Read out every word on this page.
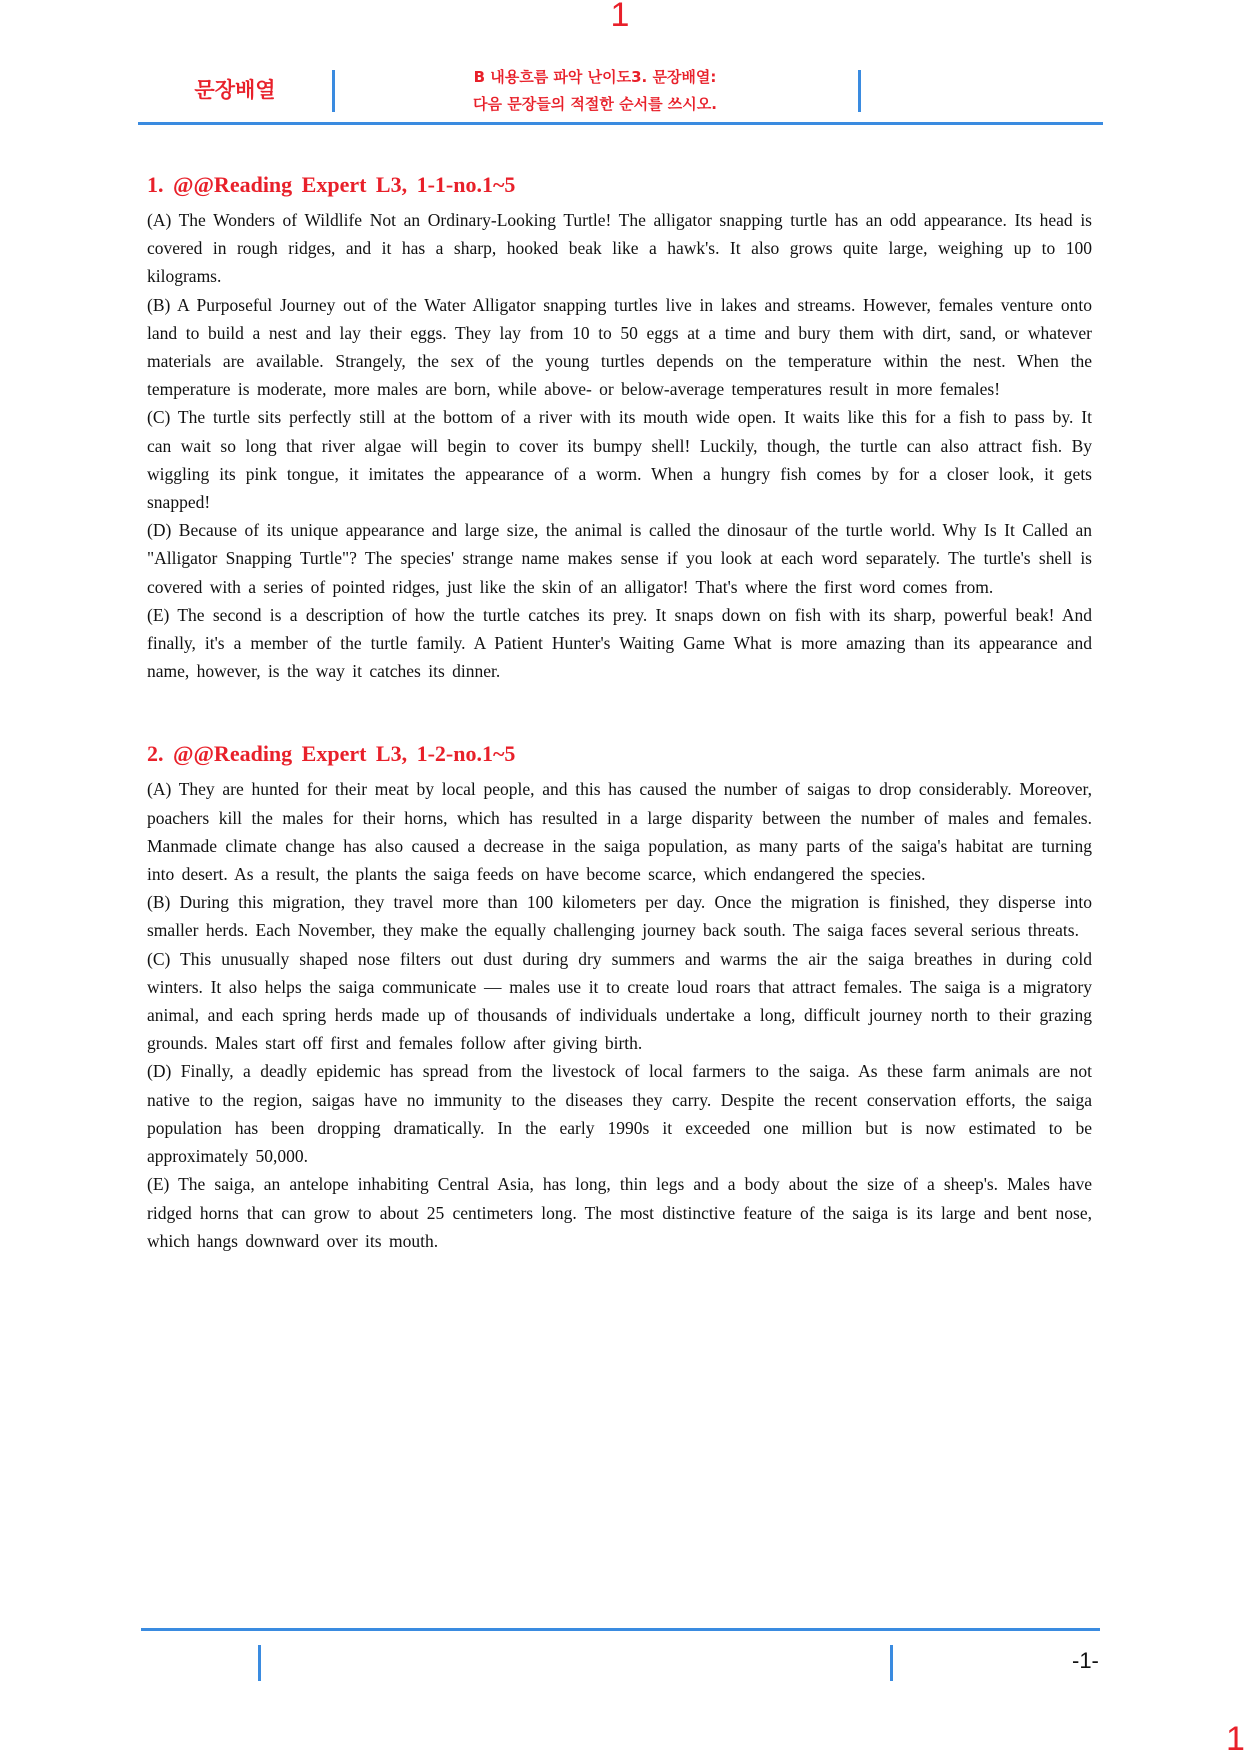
1
문장배열
B 내용흐름 파악 난이도3. 문장배열:
다음 문장들의 적절한 순서를 쓰시오.
1. @@Reading Expert L3, 1-1-no.1~5

(A) The Wonders of Wildlife Not an Ordinary-Looking Turtle! The alligator snapping turtle has an odd appearance. Its head is covered in rough ridges, and it has a sharp, hooked beak like a hawk's. It also grows quite large, weighing up to 100 kilograms.

(B) A Purposeful Journey out of the Water Alligator snapping turtles live in lakes and streams. However, females venture onto land to build a nest and lay their eggs. They lay from 10 to 50 eggs at a time and bury them with dirt, sand, or whatever materials are available. Strangely, the sex of the young turtles depends on the temperature within the nest. When the temperature is moderate, more males are born, while above- or below-average temperatures result in more females!

(C) The turtle sits perfectly still at the bottom of a river with its mouth wide open. It waits like this for a fish to pass by. It can wait so long that river algae will begin to cover its bumpy shell! Luckily, though, the turtle can also attract fish. By wiggling its pink tongue, it imitates the appearance of a worm. When a hungry fish comes by for a closer look, it gets snapped!

(D) Because of its unique appearance and large size, the animal is called the dinosaur of the turtle world. Why Is It Called an "Alligator Snapping Turtle"? The species' strange name makes sense if you look at each word separately. The turtle's shell is covered with a series of pointed ridges, just like the skin of an alligator! That's where the first word comes from.

(E) The second is a description of how the turtle catches its prey. It snaps down on fish with its sharp, powerful beak! And finally, it's a member of the turtle family. A Patient Hunter's Waiting Game What is more amazing than its appearance and name, however, is the way it catches its dinner.

2. @@Reading Expert L3, 1-2-no.1~5

(A) They are hunted for their meat by local people, and this has caused the number of saigas to drop considerably. Moreover, poachers kill the males for their horns, which has resulted in a large disparity between the number of males and females. Manmade climate change has also caused a decrease in the saiga population, as many parts of the saiga's habitat are turning into desert. As a result, the plants the saiga feeds on have become scarce, which endangered the species.

(B) During this migration, they travel more than 100 kilometers per day. Once the migration is finished, they disperse into smaller herds. Each November, they make the equally challenging journey back south. The saiga faces several serious threats.

(C) This unusually shaped nose filters out dust during dry summers and warms the air the saiga breathes in during cold winters. It also helps the saiga communicate — males use it to create loud roars that attract females. The saiga is a migratory animal, and each spring herds made up of thousands of individuals undertake a long, difficult journey north to their grazing grounds. Males start off first and females follow after giving birth.

(D) Finally, a deadly epidemic has spread from the livestock of local farmers to the saiga. As these farm animals are not native to the region, saigas have no immunity to the diseases they carry. Despite the recent conservation efforts, the saiga population has been dropping dramatically. In the early 1990s it exceeded one million but is now estimated to be approximately 50,000.

(E) The saiga, an antelope inhabiting Central Asia, has long, thin legs and a body about the size of a sheep's. Males have ridged horns that can grow to about 25 centimeters long. The most distinctive feature of the saiga is its large and bent nose, which hangs downward over its mouth.

-1-
1
